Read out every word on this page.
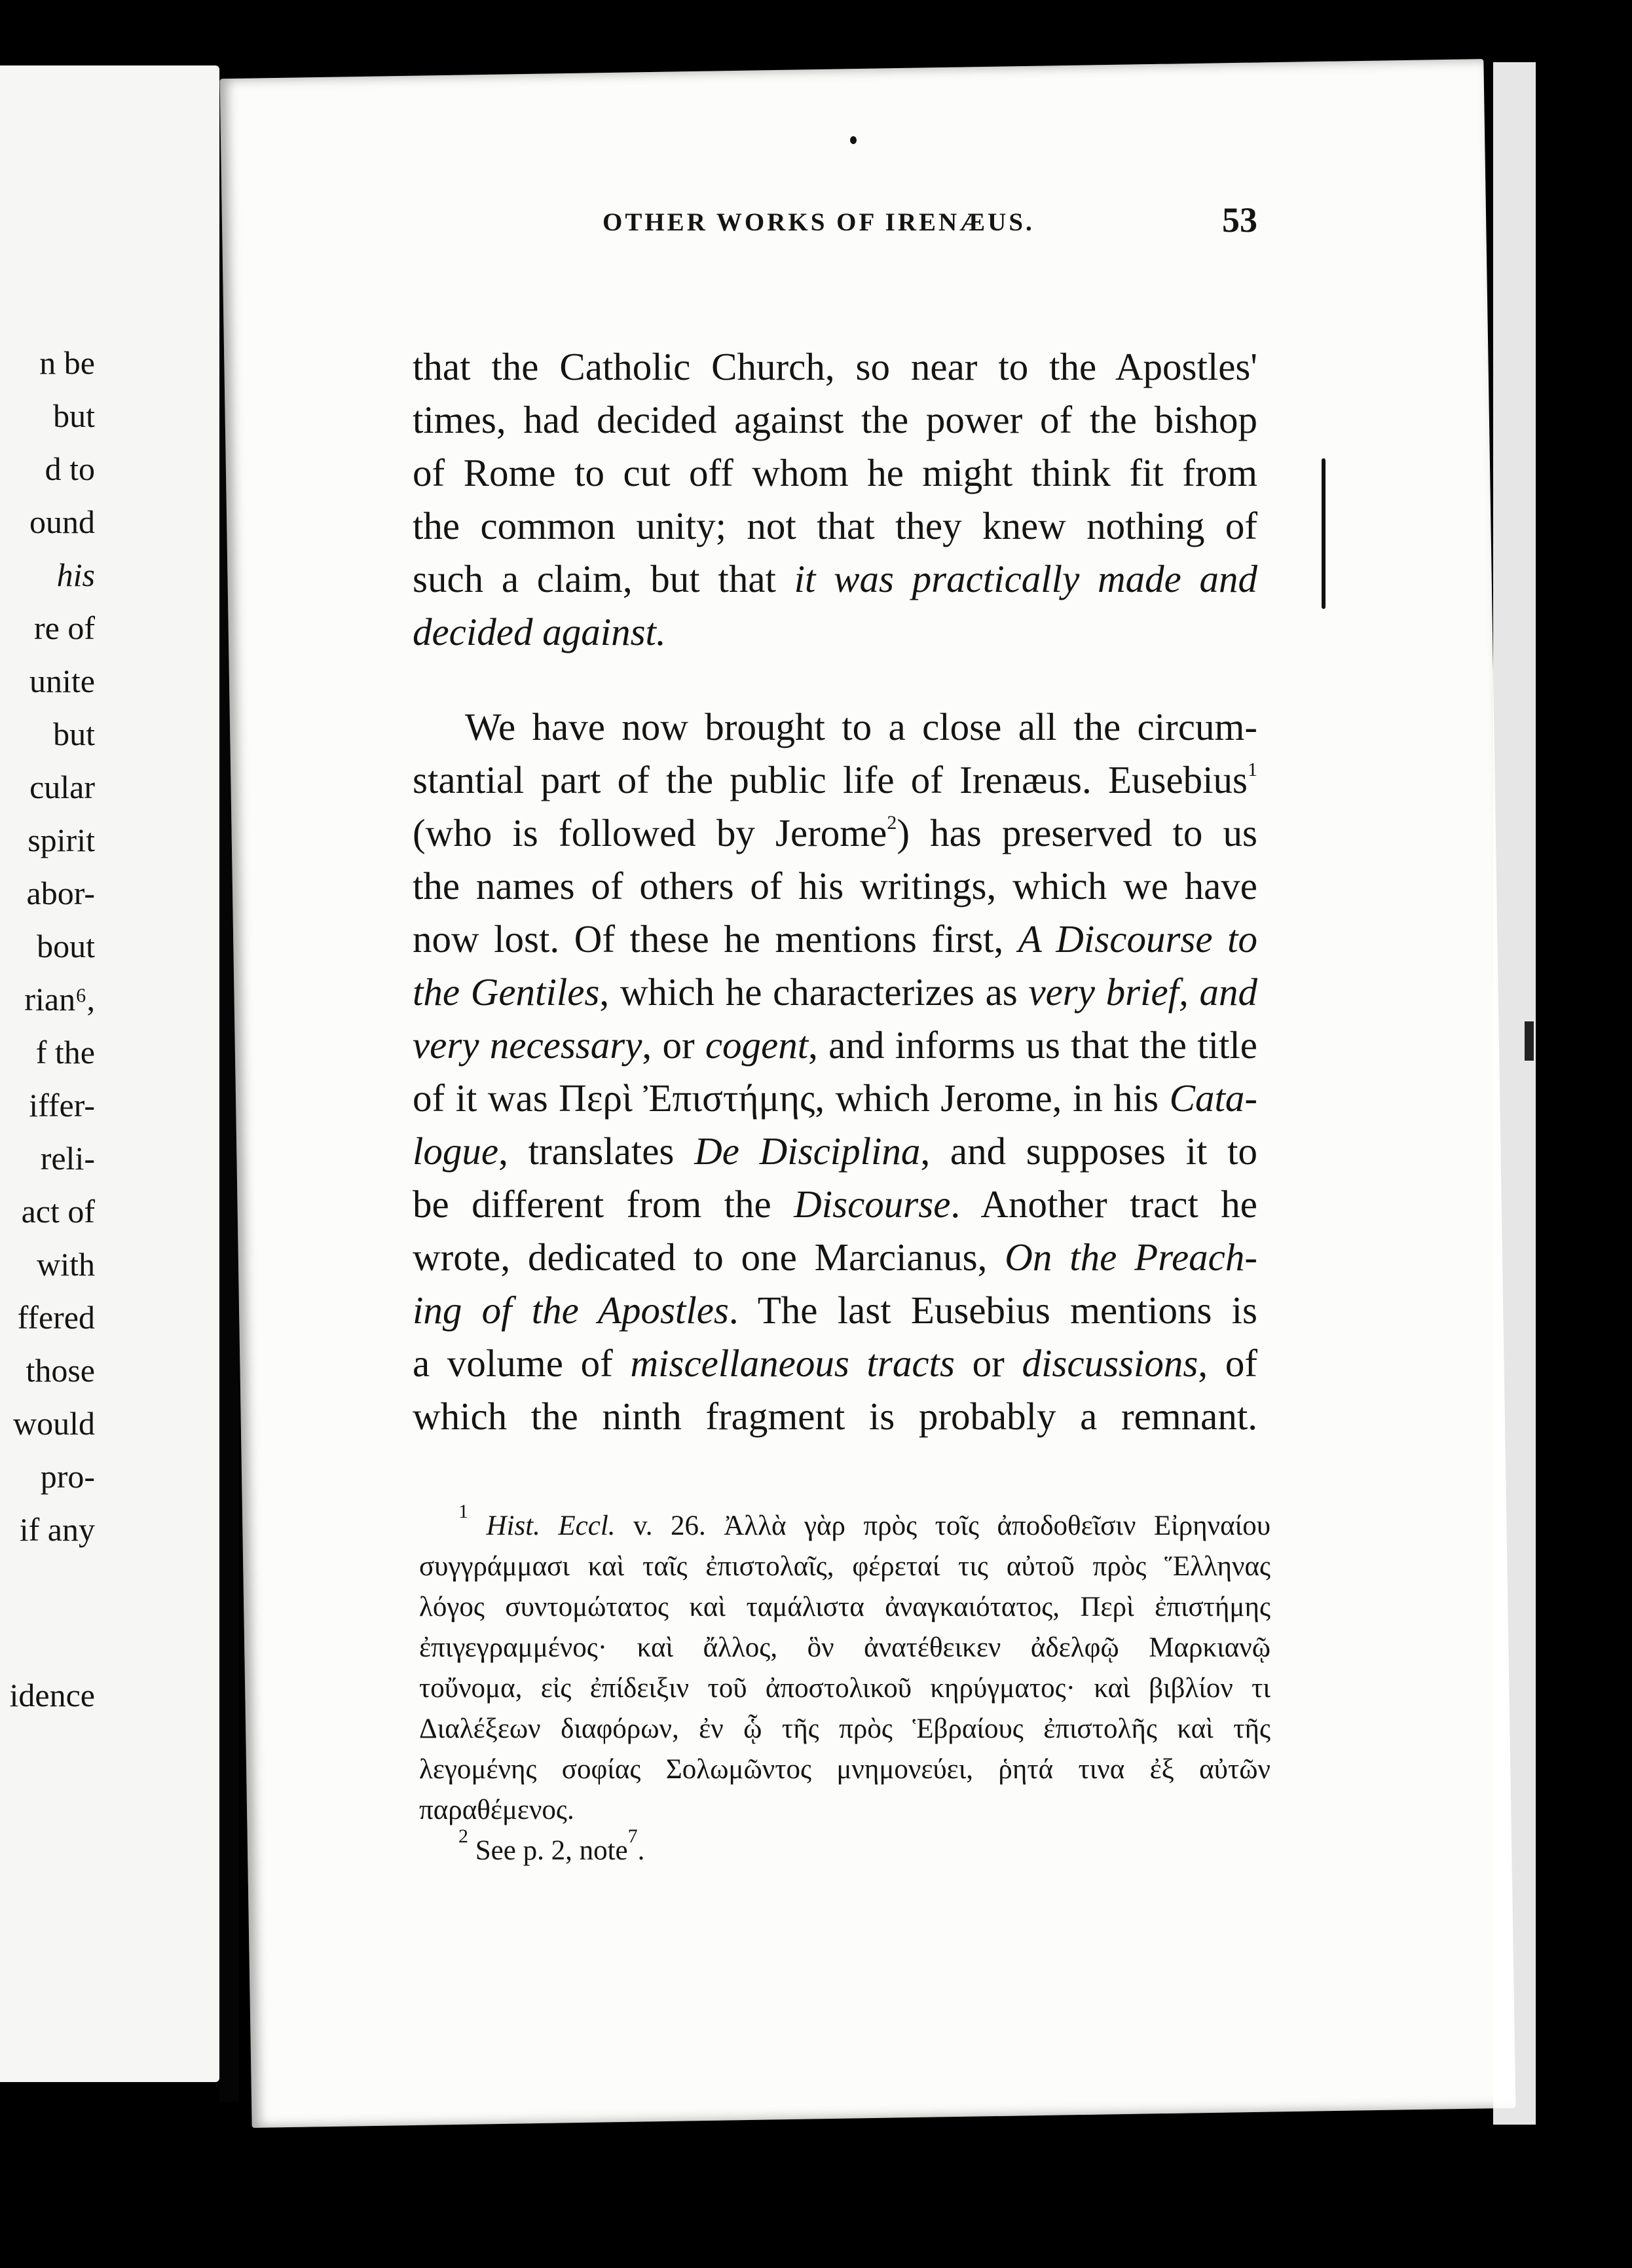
n be
but
d to
ound
his
re of
unite
but
cular
spirit
abor-
bout
rian⁶,
f the
iffer-
reli-
act of
with
ffered
those
would
pro-
if any
idence
OTHER WORKS OF IRENÆUS.	53
that the Catholic Church, so near to the Apostles'
times, had decided against the power of the bishop
of Rome to cut off whom he might think fit from
the common unity; not that they knew nothing of
such a claim, but that it was practically made and
decided against.
We have now brought to a close all the circum-
stantial part of the public life of Irenæus. Eusebius$^1$
(who is followed by Jerome$^2$) has preserved to us
the names of others of his writings, which we have
now lost. Of these he mentions first, A Discourse to
the Gentiles, which he characterizes as very brief, and
very necessary, or cogent, and informs us that the title
of it was Περὶ Ἐπιστήμης, which Jerome, in his Cata-
logue, translates De Disciplina, and supposes it to
be different from the Discourse. Another tract he
wrote, dedicated to one Marcianus, On the Preach-
ing of the Apostles. The last Eusebius mentions is
a volume of miscellaneous tracts or discussions, of
which the ninth fragment is probably a remnant.
$^1$ Hist. Eccl. v. 26. Ἀλλὰ γὰρ πρὸς τοῖς ἀποδοθεῖσιν Εἰρηναίου
συγγράμμασι καὶ ταῖς ἐπιστολαῖς, φέρεταί τις αὐτοῦ πρὸς Ἕλληνας
λόγος συντομώτατος καὶ ταμάλιστα ἀναγκαιότατος, Περὶ ἐπιστήμης
ἐπιγεγραμμένος· καὶ ἄλλος, ὃν ἀνατέθεικεν ἀδελφῷ Μαρκιανῷ
τοὔνομα, εἰς ἐπίδειξιν τοῦ ἀποστολικοῦ κηρύγματος· καὶ βιβλίον τι
Διαλέξεων διαφόρων, ἐν ᾧ τῆς πρὸς Ἑβραίους ἐπιστολῆς καὶ τῆς
λεγομένης σοφίας Σολωμῶντος μνημονεύει, ῥητά τινα ἐξ αὐτῶν
παραθέμενος.
$^2$ See p. 2, note$^7$.
